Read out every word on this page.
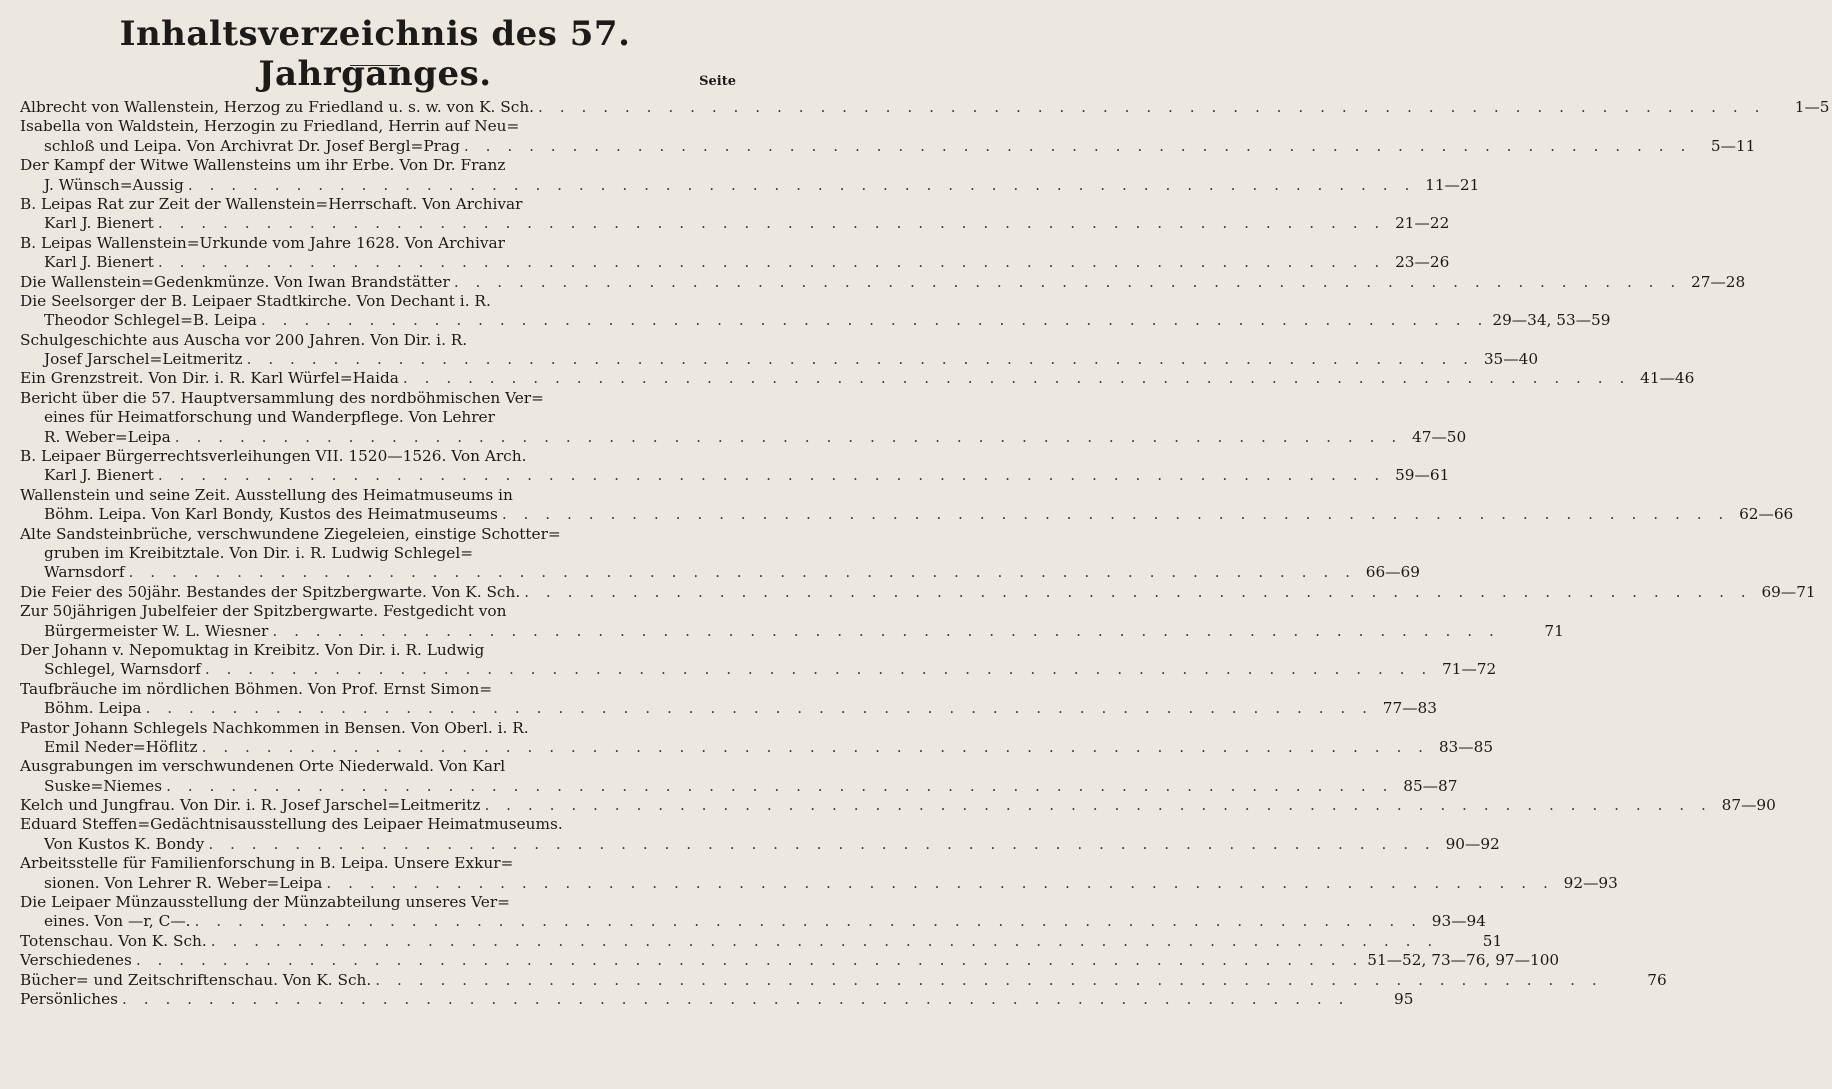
Inhaltsverzeichnis des 57. Jahrganges.	Seite
Albrecht von Wallenstein, Herzog zu Friedland u. s. w. von K. Sch. . . .	1—5
Isabella von Waldstein, Herzogin zu Friedland, Herrin auf Neu=
schloß und Leipa. Von Archivrat Dr. Josef Bergl=Prag . . .	5—11
Der Kampf der Witwe Wallensteins um ihr Erbe. Von Dr. Franz
J. Wünsch=Aussig . . .	11—21
B. Leipas Rat zur Zeit der Wallenstein=Herrschaft. Von Archivar
Karl J. Bienert . . .	21—22
B. Leipas Wallenstein=Urkunde vom Jahre 1628. Von Archivar
Karl J. Bienert . . .	23—26
Die Wallenstein=Gedenkmünze. Von Iwan Brandstätter . . .	27—28
Die Seelsorger der B. Leipaer Stadtkirche. Von Dechant i. R.
Theodor Schlegel=B. Leipa . . .	29—34, 53—59
Schulgeschichte aus Auscha vor 200 Jahren. Von Dir. i. R.
Josef Jarschel=Leitmeritz . . .	35—40
Ein Grenzstreit. Von Dir. i. R. Karl Würfel=Haida . . .	41—46
Bericht über die 57. Hauptversammlung des nordböhmischen Ver=
eines für Heimatforschung und Wanderpflege. Von Lehrer
R. Weber=Leipa . . .	47—50
B. Leipaer Bürgerrechtsverleihungen VII. 1520—1526. Von Arch.
Karl J. Bienert . . .	59—61
Wallenstein und seine Zeit. Ausstellung des Heimatmuseums in
Böhm. Leipa. Von Karl Bondy, Kustos des Heimatmuseums . . .	62—66
Alte Sandsteinbrüche, verschwundene Ziegeleien, einstige Schotter=
gruben im Kreibitztale. Von Dir. i. R. Ludwig Schlegel=
Warnsdorf . . .	66—69
Die Feier des 50jähr. Bestandes der Spitzbergwarte. Von K. Sch. . . .	69—71
Zur 50jährigen Jubelfeier der Spitzbergwarte. Festgedicht von
Bürgermeister W. L. Wiesner . . .	71
Der Johann v. Nepomuktag in Kreibitz. Von Dir. i. R. Ludwig
Schlegel, Warnsdorf . . .	71—72
Taufbräuche im nördlichen Böhmen. Von Prof. Ernst Simon=
Böhm. Leipa . . .	77—83
Pastor Johann Schlegels Nachkommen in Bensen. Von Oberl. i. R.
Emil Neder=Höflitz . . .	83—85
Ausgrabungen im verschwundenen Orte Niederwald. Von Karl
Suske=Niemes . . .	85—87
Kelch und Jungfrau. Von Dir. i. R. Josef Jarschel=Leitmeritz . . .	87—90
Eduard Steffen=Gedächtnisausstellung des Leipaer Heimatmuseums.
Von Kustos K. Bondy . . .	90—92
Arbeitsstelle für Familienforschung in B. Leipa. Unsere Exkur=
sionen. Von Lehrer R. Weber=Leipa . . .	92—93
Die Leipaer Münzausstellung der Münzabteilung unseres Ver=
eines. Von —r, C—. . . .	93—94
Totenschau. Von K. Sch. . . .	51
Verschiedenes . . .	51—52, 73—76, 97—100
Bücher= und Zeitschriftenschau. Von K. Sch. . . .	76
Persönliches . . .	95
